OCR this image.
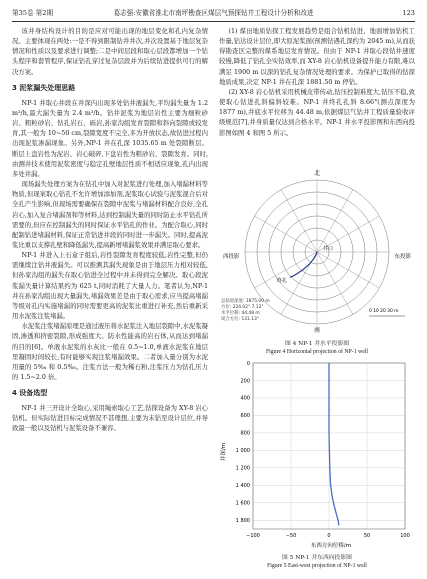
第35卷 第2期	葛志强:安徽省淮北市南坪勘查区煤层气预探钻井工程设计分析和改进	123

该井身结构设计的目的是应对可能出现的地层变化和孔内复杂情况。主要体现在两处:一是不得到限制钻井井次,并次设置基于地层复杂情况和性质以及要求进行调整;二是中间层段和取心层段都增加一个钻头程序和套管程序,保证钻孔穿过复杂层段并为后续钻进提供可行的解决方案。

3 泥浆漏失处理思路

NP-1 井取心井段在井深内出现多处钻井液漏失,平均漏失量为 1.2 m³/h,最大漏失量为 2.4 m³/h。钻井泥浆为地层岩性主要为细粒砂岩、粗粒砂岩、钻孔岩石、砾岩,孙家沟组发育裂隙和斜向裂隙或较发育,其一般为 10~50 cm,裂隙宽度不完全,多为开放状态,故钻进过程内出现泥浆渗漏现象。另外,NP-1 井在孔深 1035.65 m 处裂隙断层。断层上盘岩性为泥岩、岩心破碎,下盘岩性为粗砂岩、裂隙发育。同时,由测井技术使用泥浆密度与稳定孔壁地层性质不相适应现象,孔内出现多处井漏。

现场漏失处理方案为在钻孔中加入对泥浆进行处理,加入堵漏材料等物质,但现案取心钻孔不允许增加添加剂,泥浆取心试验与泥浆混合后对全孔产生影响,但现场需要确保在裂隙中泥浆与堵漏材料配合良好,全孔岩心,加入复合堵漏剂和等材料,达到控制漏失量的同时防止水平钻孔所需要的,但应在控制漏失的同时保证水平钻孔的作业。为配合取心,同时配制钻进堵漏材料,保证正常钻进井段的同时进一步漏失。同时,提高泥浆比重以支撑孔壁和降低漏失,提高新增堵漏浆效果并满足取心要求。

NP-1 井进入上石盒子组后,岩性裂隙发育程度较低,岩性完整,但仍需继续注钻井液漏失。可以推测其漏失现象是由于地层压力相对较低,但孙家沟组的漏失在取心钻进全过程中并未得到完全解决。取心段泥浆漏失量计算结果约为 625 t,同时消耗了大量人力。笔者认为,NP-1 井在孙家沟组出现大量漏失,堵漏效果差是由于取心需求,应当提高堵漏等级对孔内实施堵漏的同时需要更高的泥浆比重进行补充,然后重新采用水泥浆注浆堵漏。

水泥浆注浆堵漏原理是通过液压将水泥浆注入地层裂隙中,水泥浆凝固,渗透和挤密裂隙,形成强度大、防水性能高的岩石体,从而达到堵漏的目的[6]。单液水泥浆的水灰比一般在 0.5~1.0,单液水泥浆在地层里凝固时间较长,有时能够实现注浆堵漏效果。二者加入量分别为水泥用量的 5‰ 和 0.5‰。注浆方法一般为稀石粉,注浆压力为钻孔压力的 1.5~2.0 倍。

4 设备选型

NP-1 井三开设计全取心,采用绳索取心工艺,钻探设备为 XY-8 岩心钻机。但实际钻进目标完成情况不甚理想,主要为未钻至设计层位,并导致最一般以及钻机与泥浆设备不兼容。

(1) 煤田地质钻探工程发展趋势是组合钻机钻进、地面增加钻机工作量,钻达设计层位,即大原泥浆面(预测钻遇孔深约为 2045 m),从而获得勘查区完整的煤系地层发育情况。但由于 NP-1 井取心段钻井速度较慢,降低了钻孔全实钻效率,而 XY-8 岩心钻机设备提升能力有限,难以满足 1900 m 以深的钻孔复杂情况处理的要求。为保护已取得的钻探地质成果,决定 NP-1 井在孔深 1881.50 m 停钻。

(2) XY-8 岩心钻机采用机械皮带传动,钻压控制难度大,钻压不稳,致使取心钻进孔斜偏斜较难。NP-1 井终孔孔斜 8.66°(测点深度为 1877 m),井底水平位移为 44.48 m,依据煤层气钻井工程质量验收评级规范[7],井身质量仅达到合格水平。NP-1 井水平投影图和东西向投影图如图 4 和图 5 所示。

北
南
西投影	东投影
井口
终孔
总钻进深度: 1875.00 m
方位: 224.02° 7.12°
水平位移: 44.48 m
闭合方位: 131.13°
0 10 20 30 m
图 4 NP-1 井水平投影图
Figure 4 Horizontal projection of NP-1 well
井深/m
0
200
400
600
800
1 000
1 200
1 400
1 600
1 800
−100	−50	0	50	100
东西方向位移/m
图 5 NP-1 井东西向投影图
Figure 5 East-west projection of NP-1 well
